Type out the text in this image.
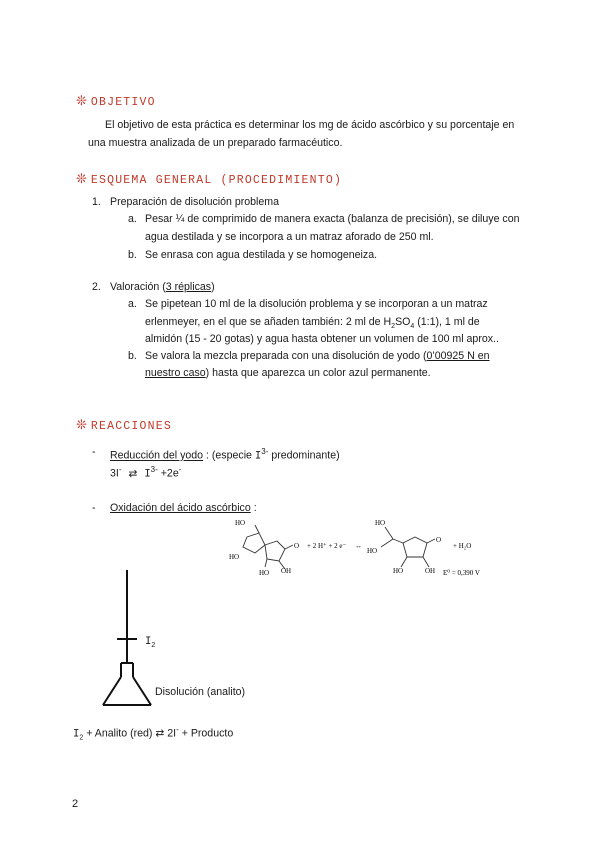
❊ OBJETIVO
El objetivo de esta práctica es determinar los mg de ácido ascórbico y su porcentaje en
una muestra analizada de un preparado farmacéutico.
❊ ESQUEMA GENERAL (PROCEDIMIENTO)
1. Preparación de disolución problema
a. Pesar ¼ de comprimido de manera exacta (balanza de precisión), se diluye con
agua destilada y se incorpora a un matraz aforado de 250 ml.
b. Se enrasa con agua destilada y se homogeneiza.
2. Valoración (3 réplicas)
a. Se pipetean 10 ml de la disolución problema y se incorporan a un matraz
erlenmeyer, en el que se añaden también: 2 ml de $H_2SO_4$ (1:1), 1 ml de
almidón (15 - 20 gotas) y agua hasta obtener un volumen de 100 ml aprox..
b. Se valora la mezcla preparada con una disolución de yodo (0’00925 N en
nuestro caso) hasta que aparezca un color azul permanente.
❊ REACCIONES
- Reducción del yodo : (especie $I^{3-}$ predominante)
3I- ⇄ $I^{3-} +2e^-$
- Oxidación del ácido ascórbico :
HO
HO
HO OH
O + 2 H⁺ + 2 e⁻ ↔
HO
HO
HO	OH
O
+ H₂O
E⁰ = 0,390 V
$I_2$
Disolución (analito)
$I_2$ + Analito (red) ⇄ 2I- + Producto
2
